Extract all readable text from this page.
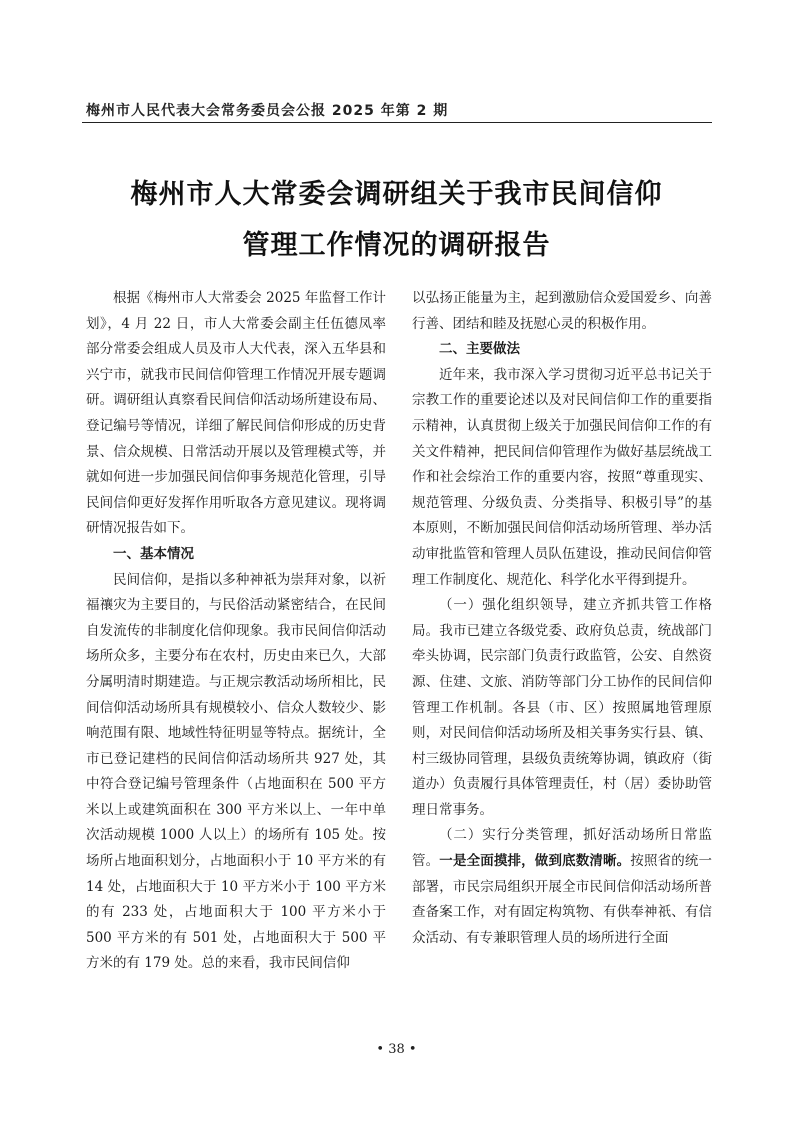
梅州市人民代表大会常务委员会公报 2025 年第 2 期
梅州市人大常委会调研组关于我市民间信仰
管理工作情况的调研报告

根据《梅州市人大常委会 2025 年监督工作计划》，4 月 22 日，市人大常委会副主任伍德凤率部分常委会组成人员及市人大代表，深入五华县和兴宁市，就我市民间信仰管理工作情况开展专题调研。调研组认真察看民间信仰活动场所建设布局、登记编号等情况，详细了解民间信仰形成的历史背景、信众规模、日常活动开展以及管理模式等，并就如何进一步加强民间信仰事务规范化管理，引导民间信仰更好发挥作用听取各方意见建议。现将调研情况报告如下。

一、基本情况

民间信仰，是指以多种神祇为崇拜对象，以祈福禳灾为主要目的，与民俗活动紧密结合，在民间自发流传的非制度化信仰现象。我市民间信仰活动场所众多，主要分布在农村，历史由来已久，大部分属明清时期建造。与正规宗教活动场所相比，民间信仰活动场所具有规模较小、信众人数较少、影响范围有限、地域性特征明显等特点。据统计，全市已登记建档的民间信仰活动场所共 927 处，其中符合登记编号管理条件（占地面积在 500 平方米以上或建筑面积在 300 平方米以上、一年中单次活动规模 1000 人以上）的场所有 105 处。按场所占地面积划分，占地面积小于 10 平方米的有 14 处，占地面积大于 10 平方米小于 100 平方米的有 233 处，占地面积大于 100 平方米小于 500 平方米的有 501 处，占地面积大于 500 平方米的有 179 处。总的来看，我市民间信仰

以弘扬正能量为主，起到激励信众爱国爱乡、向善行善、团结和睦及抚慰心灵的积极作用。

二、主要做法

近年来，我市深入学习贯彻习近平总书记关于宗教工作的重要论述以及对民间信仰工作的重要指示精神，认真贯彻上级关于加强民间信仰工作的有关文件精神，把民间信仰管理作为做好基层统战工作和社会综治工作的重要内容，按照“尊重现实、规范管理、分级负责、分类指导、积极引导”的基本原则，不断加强民间信仰活动场所管理、举办活动审批监管和管理人员队伍建设，推动民间信仰管理工作制度化、规范化、科学化水平得到提升。

（一）强化组织领导，建立齐抓共管工作格局。我市已建立各级党委、政府负总责，统战部门牵头协调，民宗部门负责行政监管，公安、自然资源、住建、文旅、消防等部门分工协作的民间信仰管理工作机制。各县（市、区）按照属地管理原则，对民间信仰活动场所及相关事务实行县、镇、村三级协同管理，县级负责统筹协调，镇政府（街道办）负责履行具体管理责任，村（居）委协助管理日常事务。

（二）实行分类管理，抓好活动场所日常监管。一是全面摸排，做到底数清晰。按照省的统一部署，市民宗局组织开展全市民间信仰活动场所普查备案工作，对有固定构筑物、有供奉神祇、有信众活动、有专兼职管理人员的场所进行全面

• 38 •
